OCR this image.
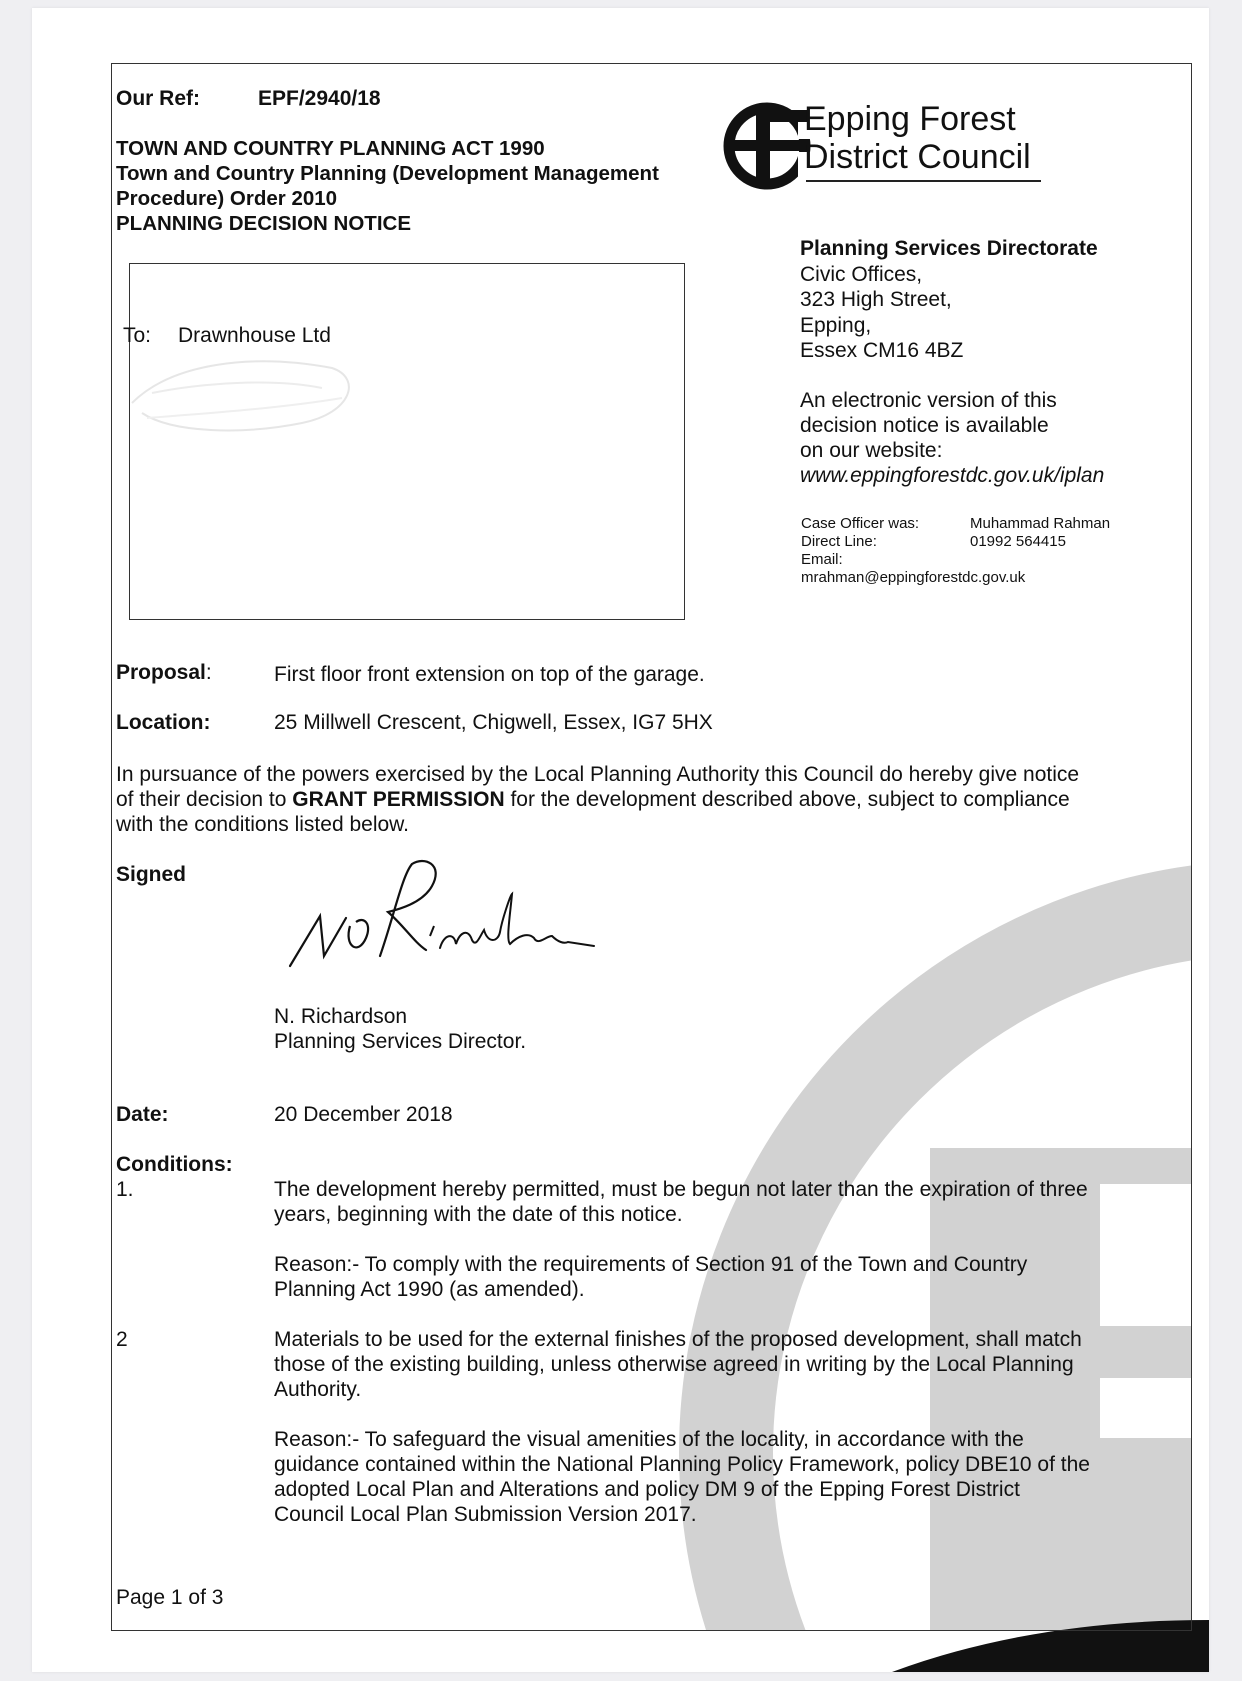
Our Ref:	EPF/2940/18
TOWN AND COUNTRY PLANNING ACT 1990
Town and Country Planning (Development Management
Procedure) Order 2010
PLANNING DECISION NOTICE
Epping Forest
District Council
Planning Services Directorate
Civic Offices,
323 High Street,
Epping,
Essex CM16 4BZ
An electronic version of this
decision notice is available
on our website:
www.eppingforestdc.gov.uk/iplan
Case Officer was:	Muhammad Rahman
Direct Line:	01992 564415
Email:
mrahman@eppingforestdc.gov.uk
To: Drawnhouse Ltd
Proposal:	First floor front extension on top of the garage.
Location:	25 Millwell Crescent, Chigwell, Essex, IG7 5HX
In pursuance of the powers exercised by the Local Planning Authority this Council do hereby give notice
of their decision to GRANT PERMISSION for the development described above, subject to compliance
with the conditions listed below.
Signed
N. Richardson
Planning Services Director.
Date:	20 December 2018
Conditions:
1.	The development hereby permitted, must be begun not later than the expiration of three
years, beginning with the date of this notice.
Reason:- To comply with the requirements of Section 91 of the Town and Country
Planning Act 1990 (as amended).
2	Materials to be used for the external finishes of the proposed development, shall match
those of the existing building, unless otherwise agreed in writing by the Local Planning
Authority.
Reason:- To safeguard the visual amenities of the locality, in accordance with the
guidance contained within the National Planning Policy Framework, policy DBE10 of the
adopted Local Plan and Alterations and policy DM 9 of the Epping Forest District
Council Local Plan Submission Version 2017.
Page 1 of 3
